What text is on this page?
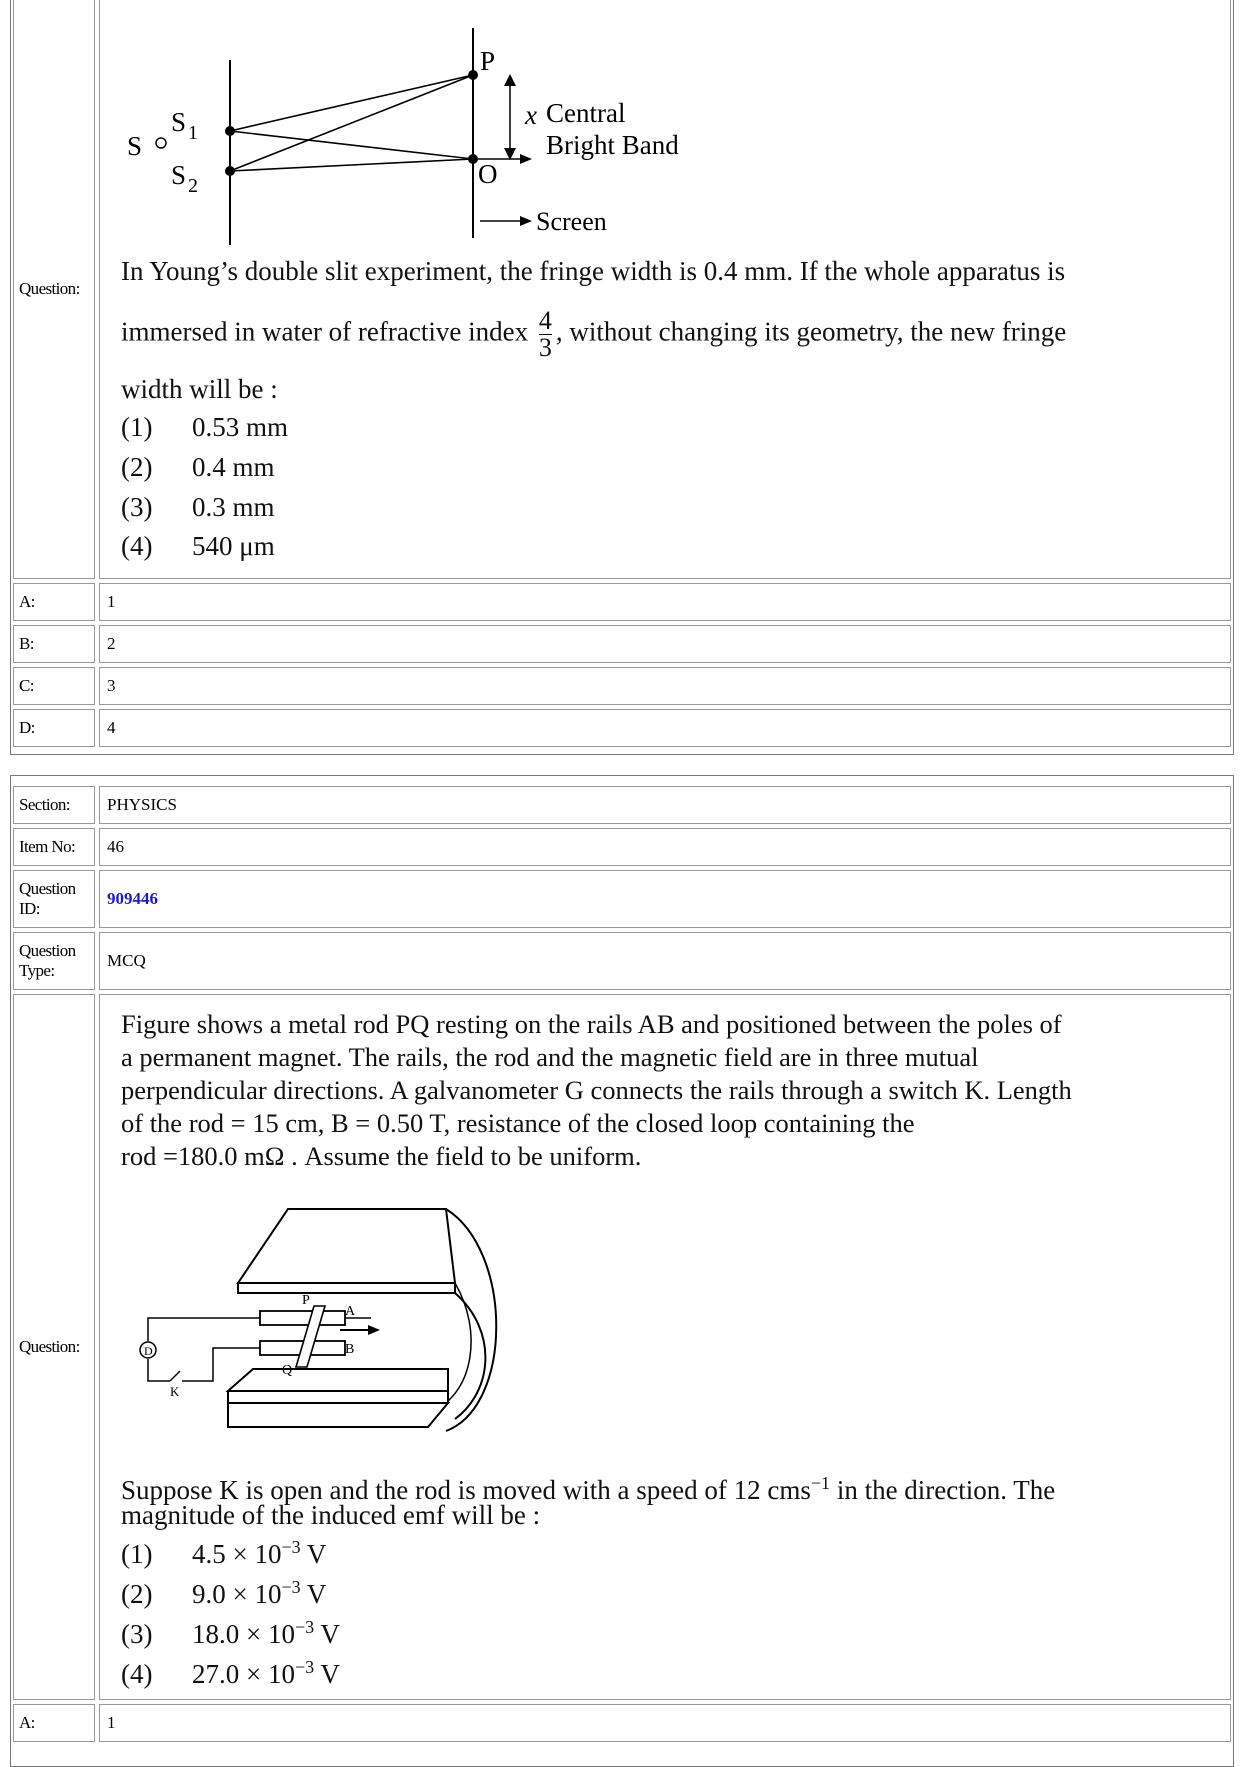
Question:
S
S 1
S 2
P
O
x Central
Bright Band
Screen
In Young’s double slit experiment, the fringe width is 0.4 mm. If the whole apparatus is
immersed in water of refractive index $\frac{4}{3}$ , without changing its geometry, the new fringe
width will be :
(1) 0.53 mm
(2) 0.4 mm
(3) 0.3 mm
(4) 540 μm
A:	1
B:	2
C:	3
D:	4
Section:	PHYSICS
Item No:	46
Question ID:
909446
Question Type:
MCQ
Question:
Figure shows a metal rod PQ resting on the rails AB and positioned between the poles of
a permanent magnet. The rails, the rod and the magnetic field are in three mutual
perpendicular directions. A galvanometer G connects the rails through a switch K. Length
of the rod = 15 cm, B = 0.50 T, resistance of the closed loop containing the
rod =180.0 mΩ . Assume the field to be uniform.
P
A
B
Q
D
K
Suppose K is open and the rod is moved with a speed of 12 cms$^{-1}$ in the direction. The
magnitude of the induced emf will be :
(1) $4.5 \times 10^{-3}$ V
(2) $9.0 \times 10^{-3}$ V
(3) $18.0 \times 10^{-3}$ V
(4) $27.0 \times 10^{-3}$ V
A:	1
